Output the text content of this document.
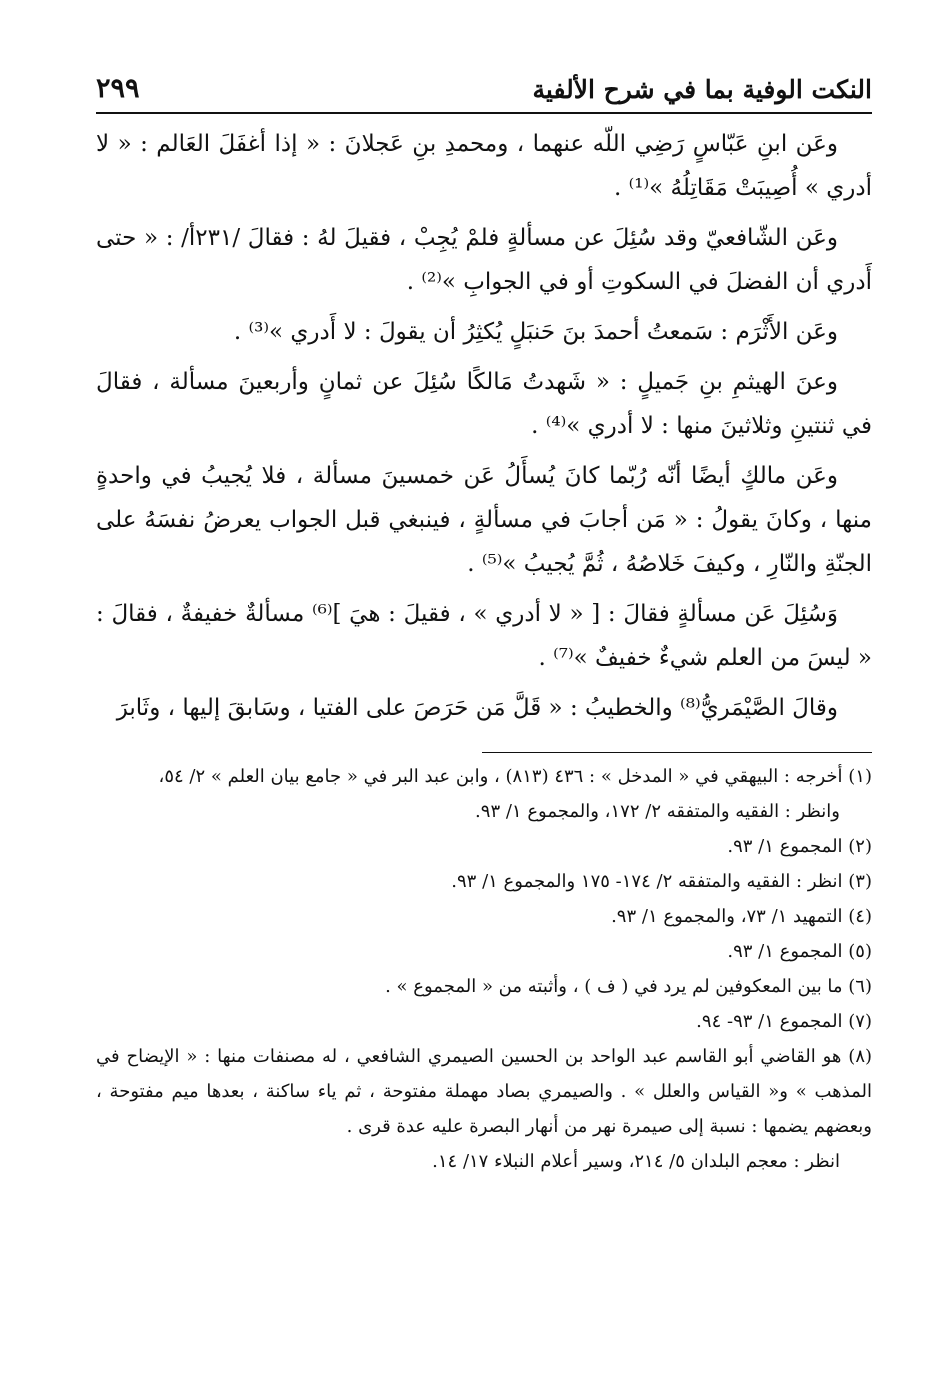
النكت الوفية بما في شرح الألفية
٢٩٩

وعَن ابنِ عَبّاسٍ رَضِي اللّه عنهما ، ومحمدِ بنِ عَجلانَ : « إذا أغفَلَ العَالم : « لا أدري » أُصِيبَتْ مَقَاتِلُهُ »⁽¹⁾ .

وعَن الشّافعيّ وقد سُئِلَ عن مسألةٍ فلمْ يُجِبْ ، فقيلَ لهُ : فقالَ /٢٣١أ/ : « حتى أَدري أن الفضلَ في السكوتِ أو في الجوابِ »⁽²⁾ .

وعَن الأَثْرَم : سَمعتُ أحمدَ بنَ حَنبَلٍ يُكثِرُ أن يقولَ : لا أَدري »⁽³⁾ .

وعنَ الهيثمِ بنِ جَميلٍ : « شَهدتُ مَالكًا سُئِلَ عن ثمانٍ وأربعينَ مسألة ، فقالَ في ثنتينِ وثلاثينَ منها : لا أدري »⁽⁴⁾ .

وعَن مالكٍ أيضًا أنّه رُبّما كانَ يُسأَلُ عَن خمسينَ مسألة ، فلا يُجيبُ في واحدةٍ منها ، وكانَ يقولُ : « مَن أجابَ في مسألةٍ ، فينبغي قبل الجواب يعرضُ نفسَهُ على الجنّةِ والنّارِ ، وكيفَ خَلاصُهُ ، ثُمَّ يُجيبُ »⁽⁵⁾ .

وَسُئِلَ عَن مسألةٍ فقالَ : [ « لا أدري » ، فقيلَ : هيَ ]⁽⁶⁾ مسألةٌ خفيفةٌ ، فقالَ : « ليسَ من العلم شيءٌ خفيفٌ »⁽⁷⁾ .

وقالَ الصَّيْمَريُّ⁽⁸⁾ والخطيبُ : « قَلَّ مَن حَرَصَ على الفتيا ، وسَابقَ إليها ، وثَابرَ

(١) أخرجه : البيهقي في « المدخل » : ٤٣٦ (٨١٣) ، وابن عبد البر في « جامع بيان العلم » ٢/ ٥٤،
وانظر : الفقيه والمتفقه ٢/ ١٧٢، والمجموع ١/ ٩٣.

(٢) المجموع ١/ ٩٣.

(٣) انظر : الفقيه والمتفقه ٢/ ١٧٤- ١٧٥ والمجموع ١/ ٩٣.

(٤) التمهيد ١/ ٧٣، والمجموع ١/ ٩٣.

(٥) المجموع ١/ ٩٣.

(٦) ما بين المعكوفين لم يرد في ( ف ) ، وأثبته من « المجموع » .

(٧) المجموع ١/ ٩٣- ٩٤.

(٨) هو القاضي أبو القاسم عبد الواحد بن الحسين الصيمري الشافعي ، له مصنفات منها : « الإيضاح في المذهب » و« القياس والعلل » . والصيمري بصاد مهملة مفتوحة ، ثم ياء ساكنة ، بعدها ميم مفتوحة ، وبعضهم يضمها : نسبة إلى صيمرة نهر من أنهار البصرة عليه عدة قرى .
انظر : معجم البلدان ٥/ ٢١٤، وسير أعلام النبلاء ١٧/ ١٤.
